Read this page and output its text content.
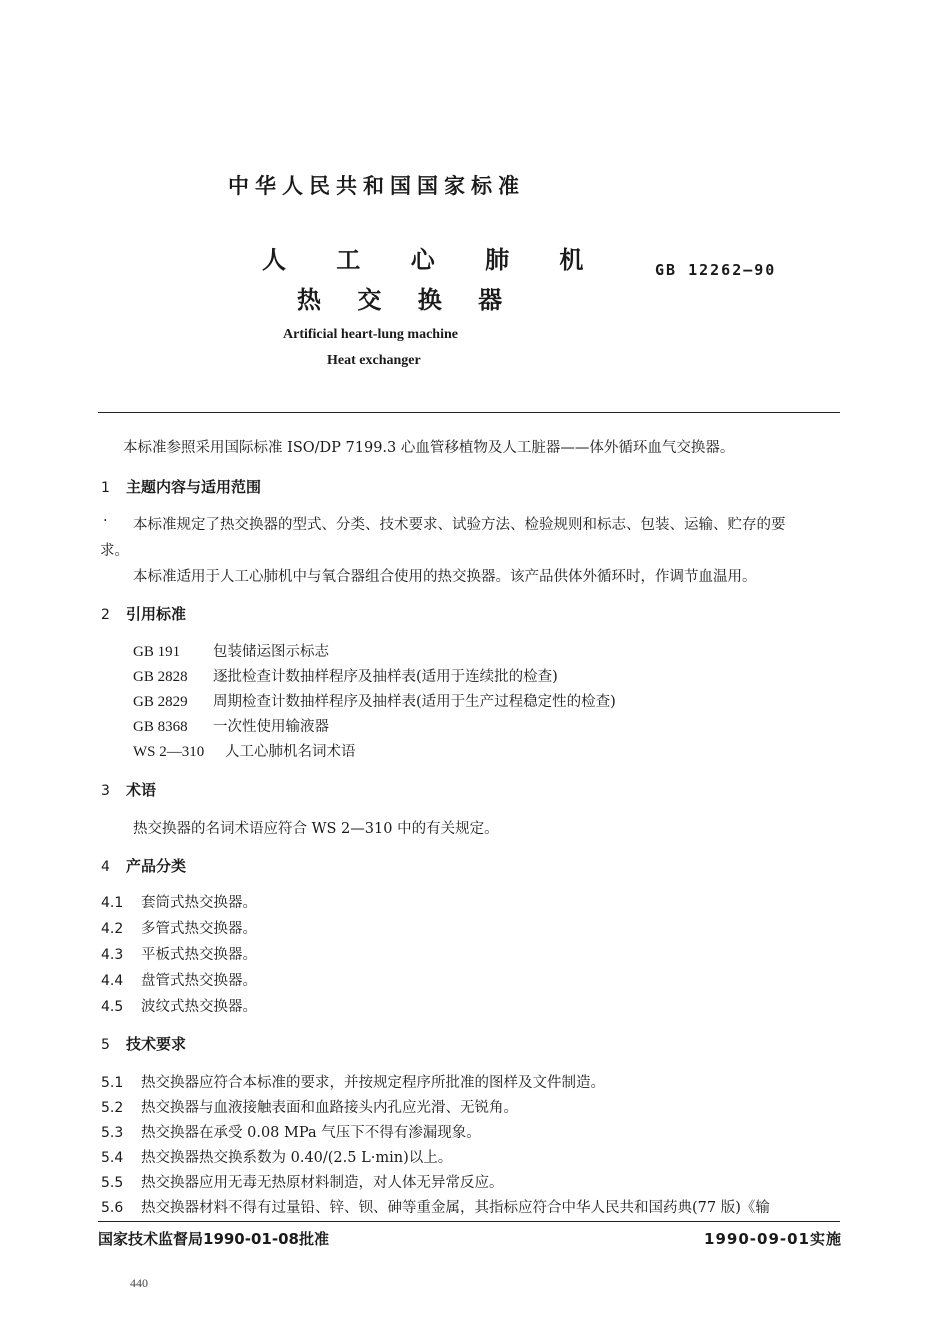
中华人民共和国国家标准
人 工 心 肺 机
热 交 换 器
GB 12262—90
Artificial heart-lung machine
Heat exchanger
本标准参照采用国际标准 ISO/DP 7199.3 心血管移植物及人工脏器——体外循环血气交换器。
1 主题内容与适用范围
· 本标准规定了热交换器的型式、分类、技术要求、试验方法、检验规则和标志、包装、运输、贮存的要
求。
本标准适用于人工心肺机中与氧合器组合使用的热交换器。该产品供体外循环时，作调节血温用。
2 引用标准
GB 191 包装储运图示标志
GB 2828 逐批检查计数抽样程序及抽样表(适用于连续批的检查)
GB 2829 周期检查计数抽样程序及抽样表(适用于生产过程稳定性的检查)
GB 8368 一次性使用输液器
WS 2—310 人工心肺机名词术语
3 术语
热交换器的名词术语应符合 WS 2—310 中的有关规定。
4 产品分类
4.1 套筒式热交换器。
4.2 多管式热交换器。
4.3 平板式热交换器。
4.4 盘管式热交换器。
4.5 波纹式热交换器。
5 技术要求
5.1 热交换器应符合本标准的要求，并按规定程序所批准的图样及文件制造。
5.2 热交换器与血液接触表面和血路接头内孔应光滑、无锐角。
5.3 热交换器在承受 0.08 MPa 气压下不得有渗漏现象。
5.4 热交换器热交换系数为 0.40/(2.5 L·min)以上。
5.5 热交换器应用无毒无热原材料制造，对人体无异常反应。
5.6 热交换器材料不得有过量铅、锌、钡、砷等重金属，其指标应符合中华人民共和国药典(77 版)《输
国家技术监督局1990-01-08批准	1990-09-01实施
440
